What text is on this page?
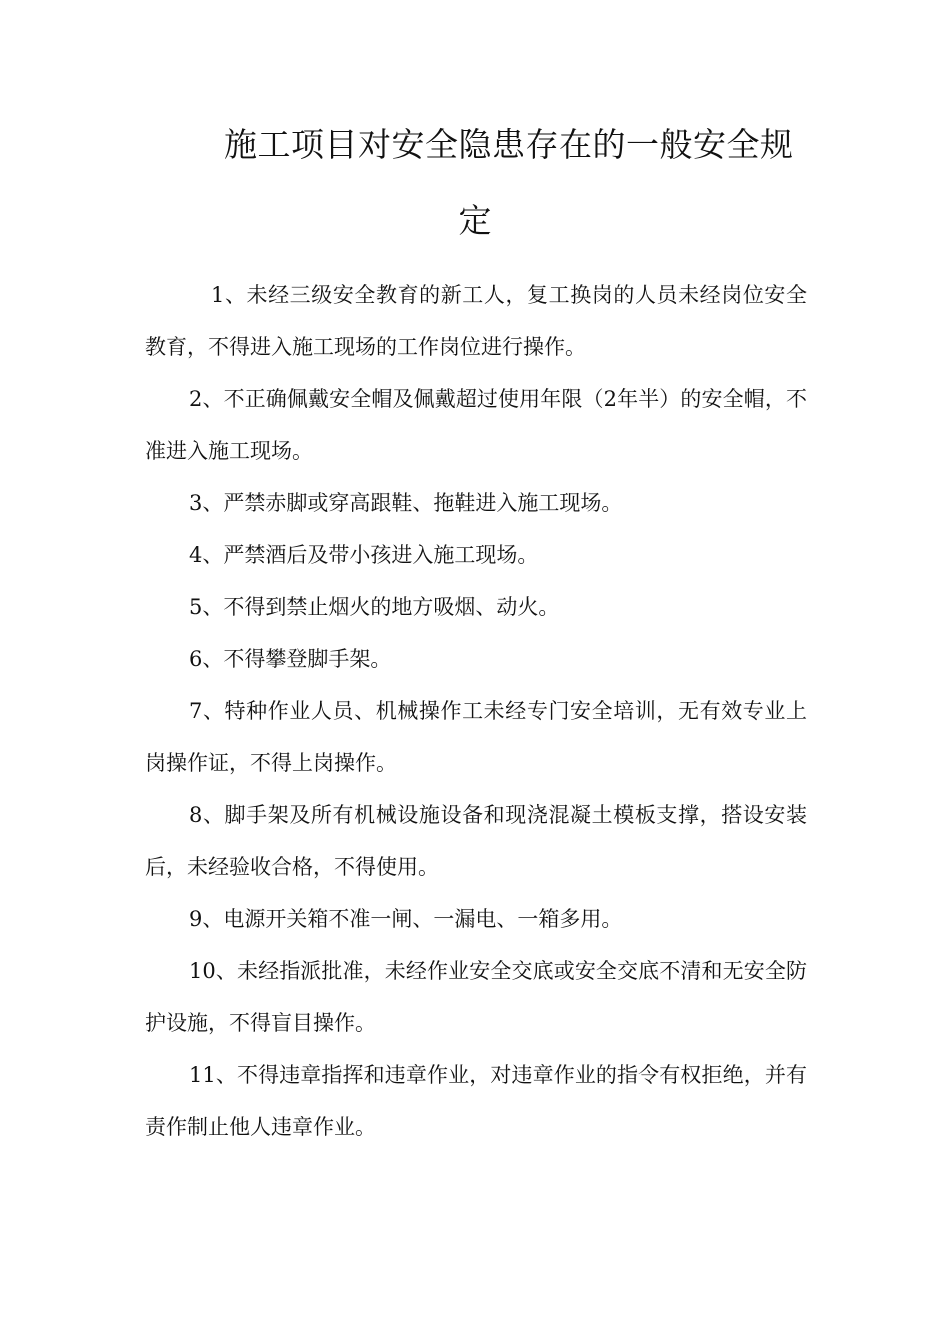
施工项目对安全隐患存在的一般安全规
定

1、未经三级安全教育的新工人，复工换岗的人员未经岗位安全教育，不得进入施工现场的工作岗位进行操作。

2、不正确佩戴安全帽及佩戴超过使用年限（2年半）的安全帽，不准进入施工现场。

3、严禁赤脚或穿高跟鞋、拖鞋进入施工现场。

4、严禁酒后及带小孩进入施工现场。

5、不得到禁止烟火的地方吸烟、动火。

6、不得攀登脚手架。

7、特种作业人员、机械操作工未经专门安全培训，无有效专业上岗操作证，不得上岗操作。

8、脚手架及所有机械设施设备和现浇混凝土模板支撑，搭设安装后，未经验收合格，不得使用。

9、电源开关箱不准一闸、一漏电、一箱多用。

10、未经指派批准，未经作业安全交底或安全交底不清和无安全防护设施，不得盲目操作。

11、不得违章指挥和违章作业，对违章作业的指令有权拒绝，并有责作制止他人违章作业。
